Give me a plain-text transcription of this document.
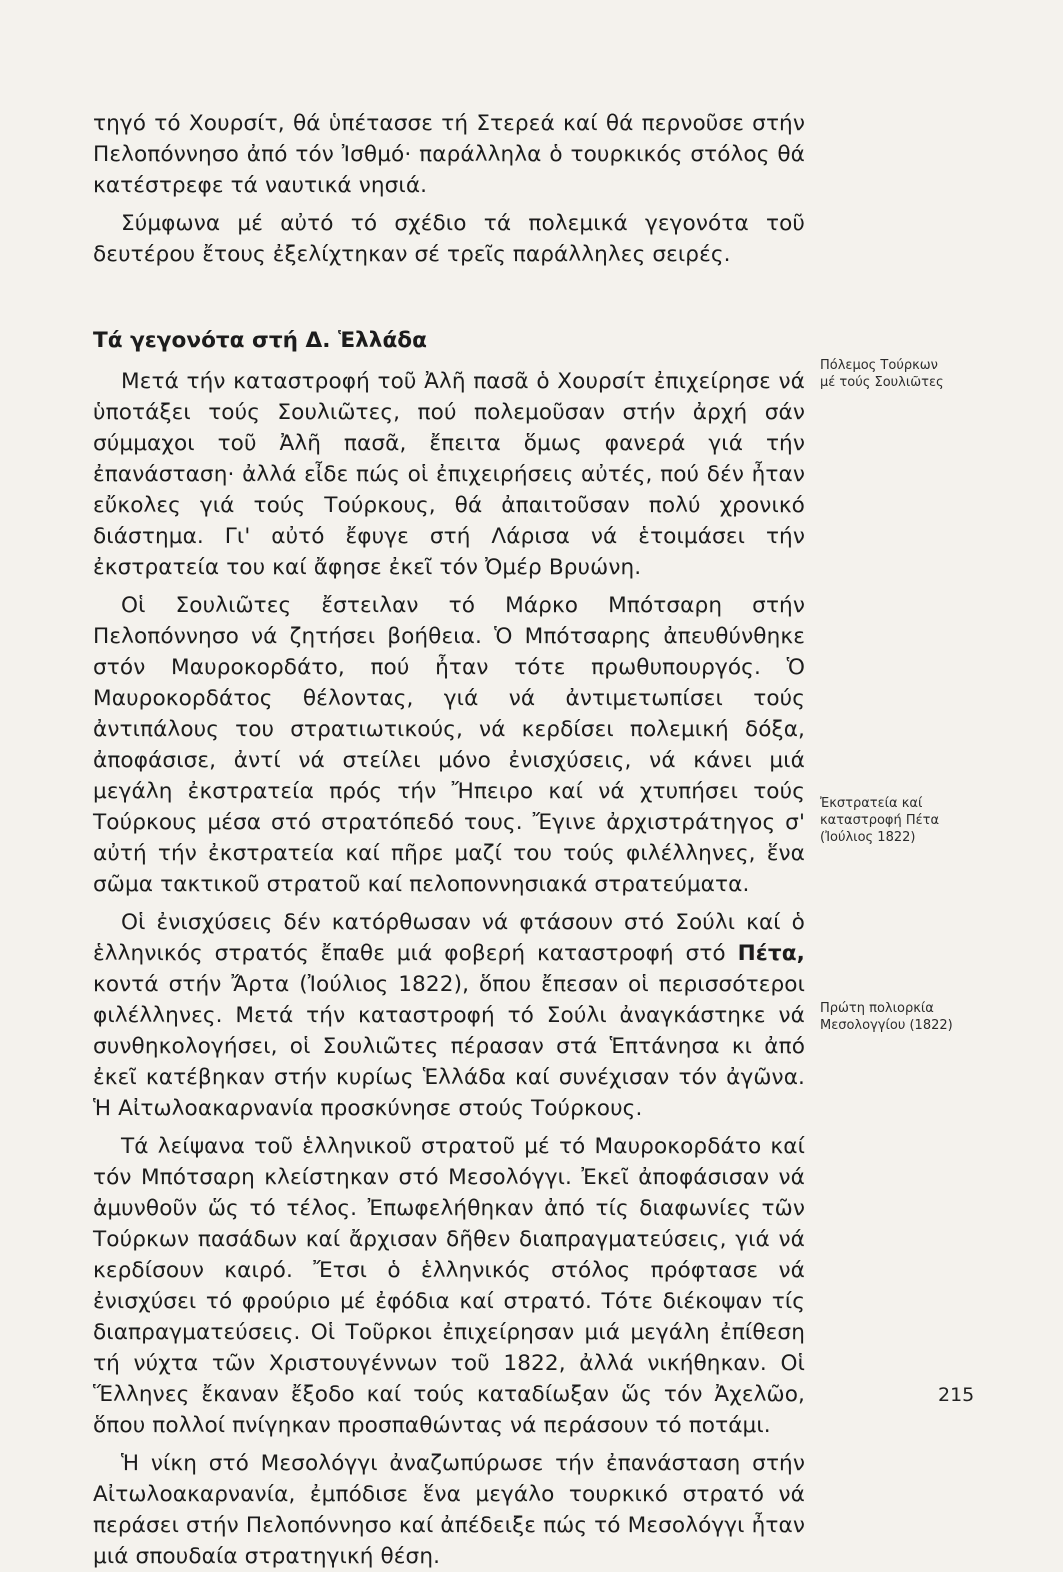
τηγό τό Χουρσίτ, θά ὑπέτασσε τή Στερεά καί θά περνοῦσε στήν Πελοπόννησο ἀπό τόν Ἰσθμό· παράλληλα ὁ τουρκικός στόλος θά κατέστρεφε τά ναυτικά νησιά.

Σύμφωνα μέ αὐτό τό σχέδιο τά πολεμικά γεγονότα τοῦ δευτέρου ἔτους ἐξελίχτηκαν σέ τρεῖς παράλληλες σειρές.

Τά γεγονότα στή Δ. Ἑλλάδα

Μετά τήν καταστροφή τοῦ Ἀλῆ πασᾶ ὁ Χουρσίτ ἐπιχείρησε νά ὑποτάξει τούς Σουλιῶτες, πού πολεμοῦσαν στήν ἀρχή σάν σύμμαχοι τοῦ Ἀλῆ πασᾶ, ἔπειτα ὅμως φανερά γιά τήν ἐπανάσταση· ἀλλά εἶδε πώς οἱ ἐπιχειρήσεις αὐτές, πού δέν ἦταν εὔκολες γιά τούς Τούρκους, θά ἀπαιτοῦσαν πολύ χρονικό διάστημα. Γι' αὐτό ἔφυγε στή Λάρισα νά ἑτοιμάσει τήν ἐκστρατεία του καί ἄφησε ἐκεῖ τόν Ὀμέρ Βρυώνη.

Οἱ Σουλιῶτες ἔστειλαν τό Μάρκο Μπότσαρη στήν Πελοπόννησο νά ζητήσει βοήθεια. Ὁ Μπότσαρης ἀπευθύνθηκε στόν Μαυροκορδάτο, πού ἦταν τότε πρωθυπουργός. Ὁ Μαυροκορδάτος θέλοντας, γιά νά ἀντιμετωπίσει τούς ἀντιπάλους του στρατιωτικούς, νά κερδίσει πολεμική δόξα, ἀποφάσισε, ἀντί νά στείλει μόνο ἐνισχύσεις, νά κάνει μιά μεγάλη ἐκστρατεία πρός τήν Ἤπειρο καί νά χτυπήσει τούς Τούρκους μέσα στό στρατόπεδό τους. Ἔγινε ἀρχιστράτηγος σ' αὐτή τήν ἐκστρατεία καί πῆρε μαζί του τούς φιλέλληνες, ἕνα σῶμα τακτικοῦ στρατοῦ καί πελοποννησιακά στρατεύματα.

Οἱ ἐνισχύσεις δέν κατόρθωσαν νά φτάσουν στό Σούλι καί ὁ ἑλληνικός στρατός ἔπαθε μιά φοβερή καταστροφή στό Πέτα, κοντά στήν Ἄρτα (Ἰούλιος 1822), ὅπου ἔπεσαν οἱ περισσότεροι φιλέλληνες. Μετά τήν καταστροφή τό Σούλι ἀναγκάστηκε νά συνθηκολογήσει, οἱ Σουλιῶτες πέρασαν στά Ἑπτάνησα κι ἀπό ἐκεῖ κατέβηκαν στήν κυρίως Ἑλλάδα καί συνέχισαν τόν ἀγῶνα. Ἡ Αἰτωλοακαρνανία προσκύνησε στούς Τούρκους.

Τά λείψανα τοῦ ἑλληνικοῦ στρατοῦ μέ τό Μαυροκορδάτο καί τόν Μπότσαρη κλείστηκαν στό Μεσολόγγι. Ἐκεῖ ἀποφάσισαν νά ἀμυνθοῦν ὥς τό τέλος. Ἐπωφελήθηκαν ἀπό τίς διαφωνίες τῶν Τούρκων πασάδων καί ἄρχισαν δῆθεν διαπραγματεύσεις, γιά νά κερδίσουν καιρό. Ἔτσι ὁ ἑλληνικός στόλος πρόφτασε νά ἐνισχύσει τό φρούριο μέ ἐφόδια καί στρατό. Τότε διέκοψαν τίς διαπραγματεύσεις. Οἱ Τοῦρκοι ἐπιχείρησαν μιά μεγάλη ἐπίθεση τή νύχτα τῶν Χριστουγέννων τοῦ 1822, ἀλλά νικήθηκαν. Οἱ Ἕλληνες ἔκαναν ἔξοδο καί τούς καταδίωξαν ὥς τόν Ἀχελῶο, ὅπου πολλοί πνίγηκαν προσπαθώντας νά περάσουν τό ποτάμι.

Ἡ νίκη στό Μεσολόγγι ἀναζωπύρωσε τήν ἐπανάσταση στήν Αἰτωλοακαρνανία, ἐμπόδισε ἕνα μεγάλο τουρκικό στρατό νά περάσει στήν Πελοπόννησο καί ἀπέδειξε πώς τό Μεσολόγγι ἦταν μιά σπουδαία στρατηγική θέση.

Πόλεμος Τούρκων
μέ τούς Σουλιῶτες
Ἐκστρατεία καί
καταστροφή Πέτα
(Ἰούλιος 1822)
Πρώτη πολιορκία
Μεσολογγίου (1822)
215
